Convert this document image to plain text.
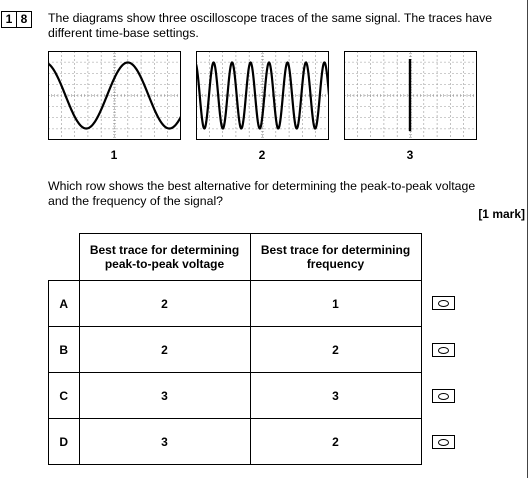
1 8	The diagrams show three oscilloscope traces of the same signal. The traces have different time-base settings.
1	2	3
Which row shows the best alternative for determining the peak-to-peak voltage and the frequency of the signal?
[1 mark]
	Best trace for determining peak-to-peak voltage	Best trace for determining frequency
A	2	1
B	2	2
C	3	3
D	3	2
